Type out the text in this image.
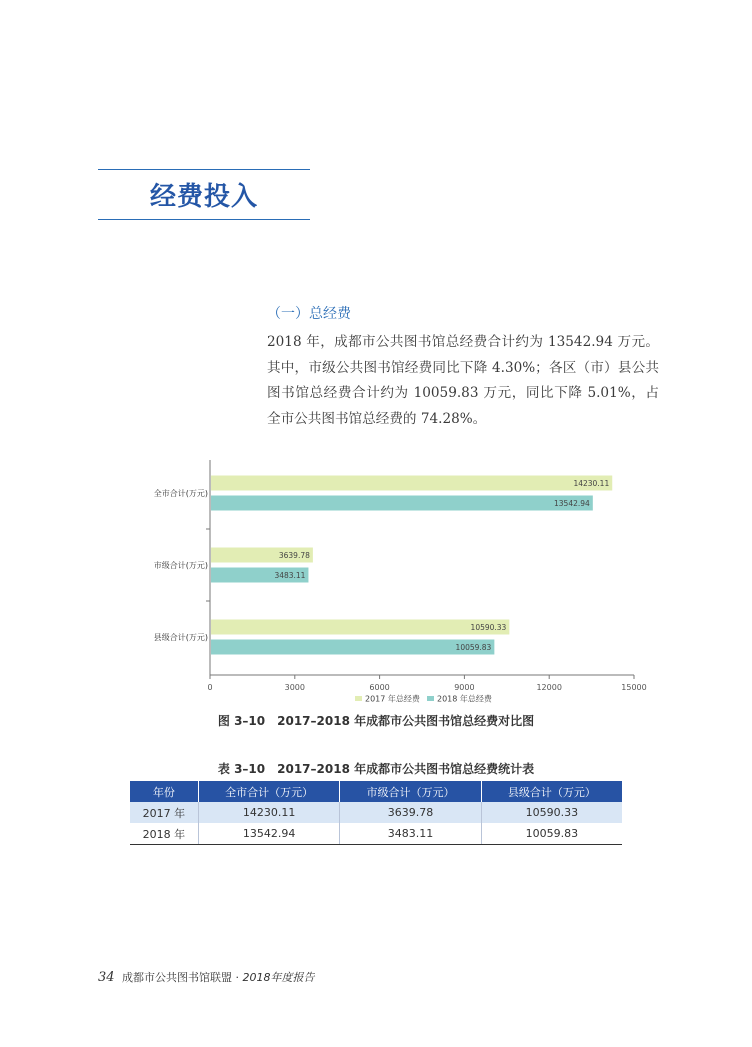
经费投入
（一）总经费

2018 年，成都市公共图书馆总经费合计约为 13542.94 万元。其中，市级公共图书馆经费同比下降 4.30%；各区（市）县公共图书馆总经费合计约为 10059.83 万元，同比下降 5.01%，占全市公共图书馆总经费的 74.28%。

0	3000	6000	9000	12000	15000
全市合计(万元)
14230.11
13542.94
市级合计(万元)
3639.78
3483.11
县级合计(万元)
10590.33
10059.83
2017 年总经费 2018 年总经费
图 3–10　2017–2018 年成都市公共图书馆总经费对比图
表 3–10　2017–2018 年成都市公共图书馆总经费统计表
年份	全市合计（万元）	市级合计（万元）	县级合计（万元）
2017 年	14230.11	3639.78	10590.33
2018 年	13542.94	3483.11	10059.83
34 成都市公共图书馆联盟 · 2018年度报告
